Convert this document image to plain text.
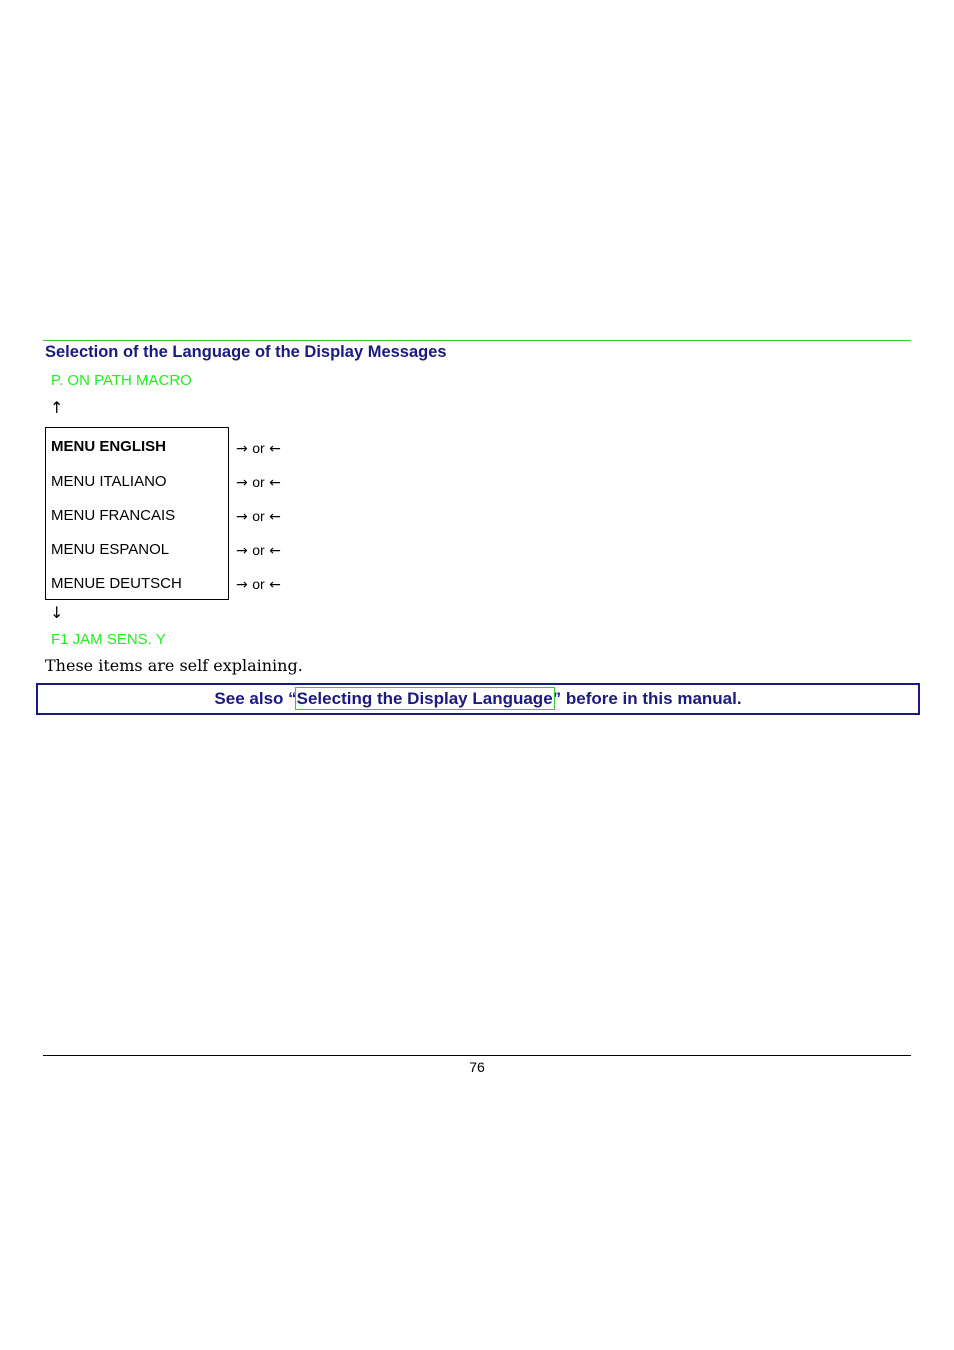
Selection of the Language of the Display Messages
P. ON PATH MACRO
↑
MENU ENGLISH
MENU ITALIANO
MENU FRANCAIS
MENU ESPANOL
MENUE DEUTSCH
→ or ←
→ or ←
→ or ←
→ or ←
→ or ←
↓
F1 JAM SENS. Y
These items are self explaining.
See also “Selecting the Display Language” before in this manual.
76
